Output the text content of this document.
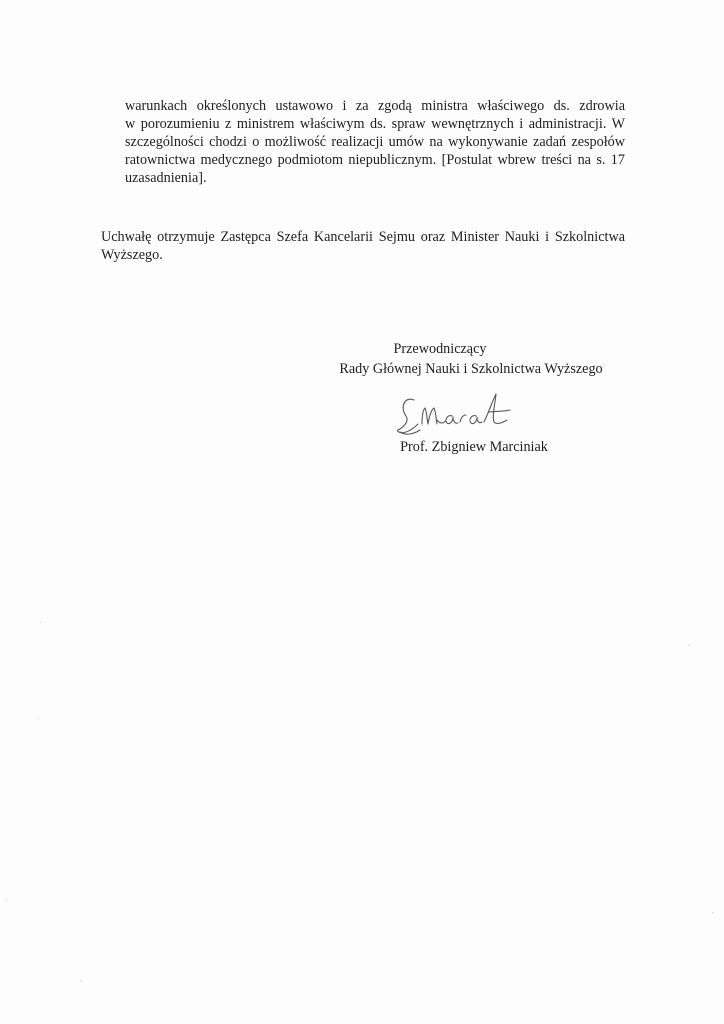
warunkach określonych ustawowo i za zgodą ministra właściwego ds. zdrowia
w porozumieniu z ministrem właściwym ds. spraw wewnętrznych i administracji. W
szczególności chodzi o możliwość realizacji umów na wykonywanie zadań zespołów
ratownictwa medycznego podmiotom niepublicznym. [Postulat wbrew treści na s. 17
uzasadnienia].
Uchwałę otrzymuje Zastępca Szefa Kancelarii Sejmu oraz Minister Nauki i Szkolnictwa
Wyższego.
Przewodniczący
Rady Głównej Nauki i Szkolnictwa Wyższego
Prof. Zbigniew Marciniak
